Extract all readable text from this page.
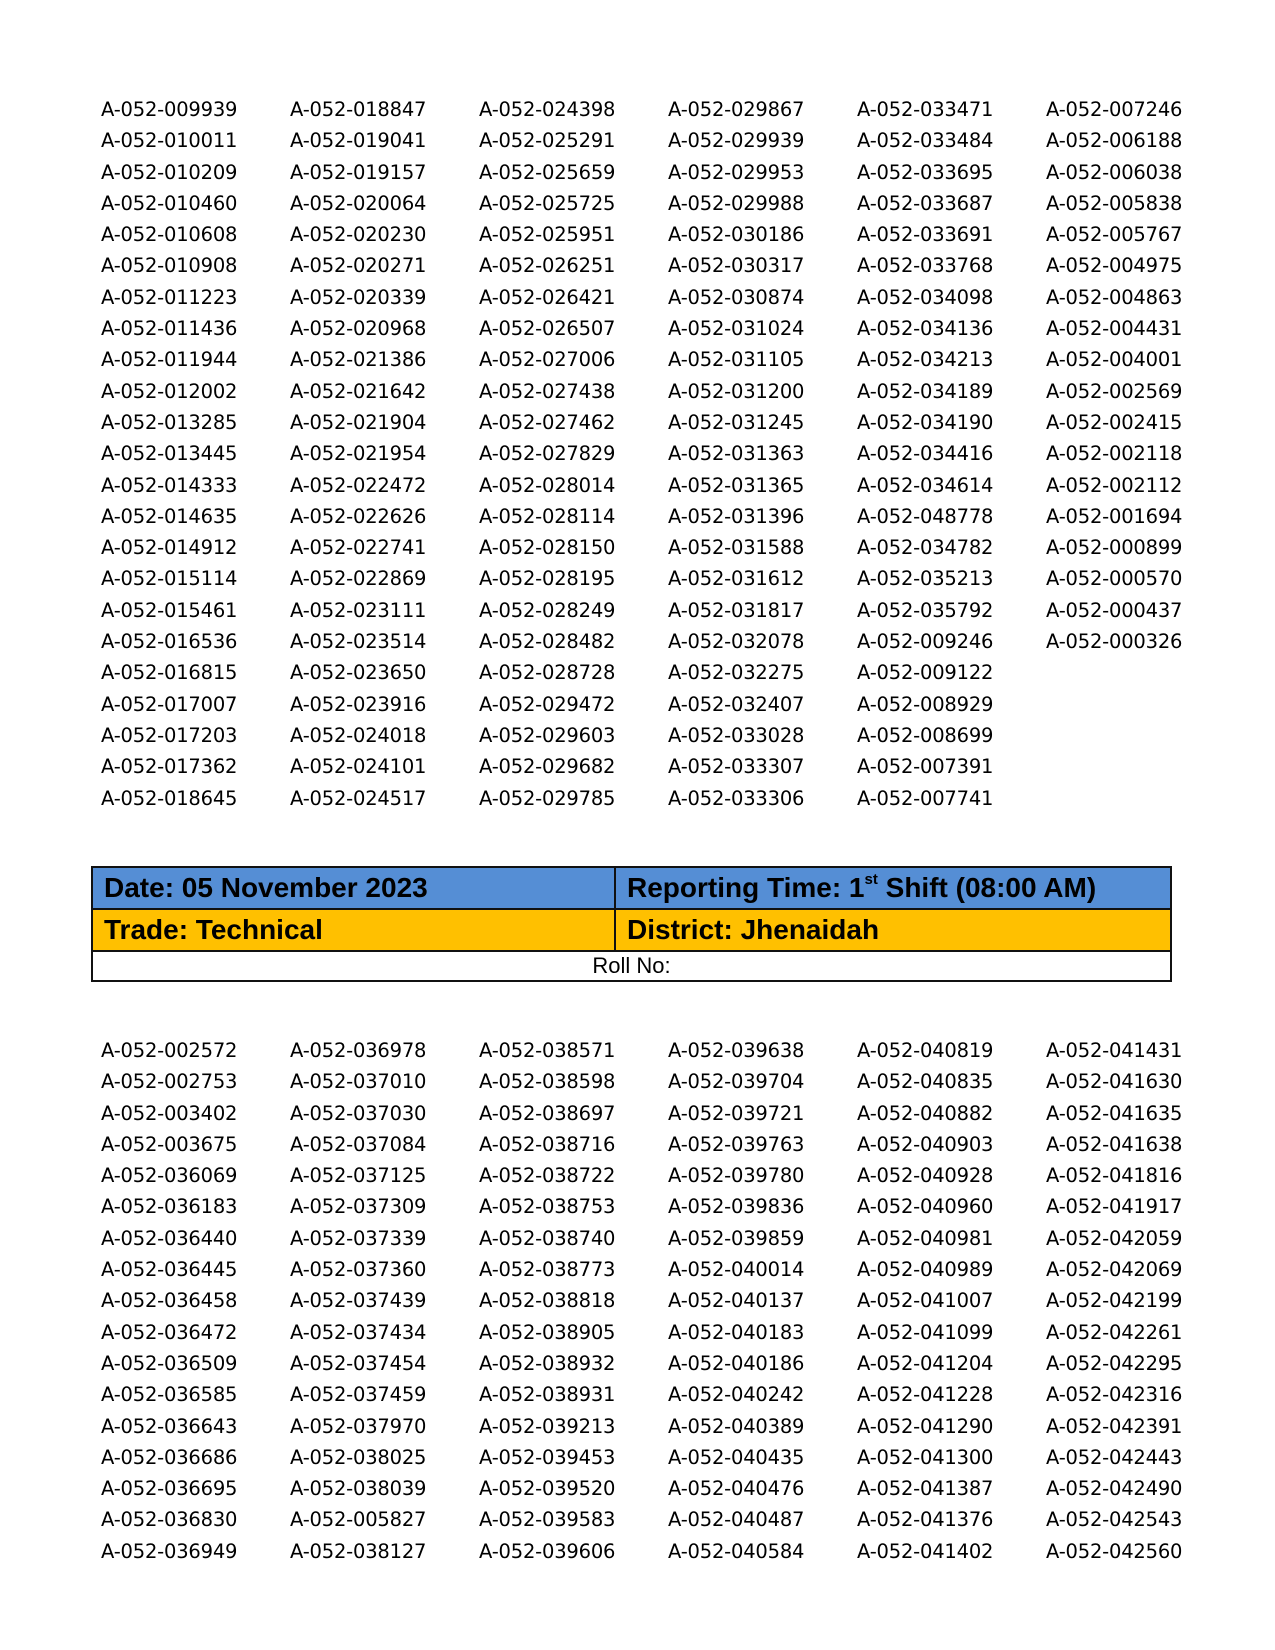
A-052-009939
A-052-010011
A-052-010209
A-052-010460
A-052-010608
A-052-010908
A-052-011223
A-052-011436
A-052-011944
A-052-012002
A-052-013285
A-052-013445
A-052-014333
A-052-014635
A-052-014912
A-052-015114
A-052-015461
A-052-016536
A-052-016815
A-052-017007
A-052-017203
A-052-017362
A-052-018645
A-052-018847
A-052-019041
A-052-019157
A-052-020064
A-052-020230
A-052-020271
A-052-020339
A-052-020968
A-052-021386
A-052-021642
A-052-021904
A-052-021954
A-052-022472
A-052-022626
A-052-022741
A-052-022869
A-052-023111
A-052-023514
A-052-023650
A-052-023916
A-052-024018
A-052-024101
A-052-024517
A-052-024398
A-052-025291
A-052-025659
A-052-025725
A-052-025951
A-052-026251
A-052-026421
A-052-026507
A-052-027006
A-052-027438
A-052-027462
A-052-027829
A-052-028014
A-052-028114
A-052-028150
A-052-028195
A-052-028249
A-052-028482
A-052-028728
A-052-029472
A-052-029603
A-052-029682
A-052-029785
A-052-029867
A-052-029939
A-052-029953
A-052-029988
A-052-030186
A-052-030317
A-052-030874
A-052-031024
A-052-031105
A-052-031200
A-052-031245
A-052-031363
A-052-031365
A-052-031396
A-052-031588
A-052-031612
A-052-031817
A-052-032078
A-052-032275
A-052-032407
A-052-033028
A-052-033307
A-052-033306
A-052-033471
A-052-033484
A-052-033695
A-052-033687
A-052-033691
A-052-033768
A-052-034098
A-052-034136
A-052-034213
A-052-034189
A-052-034190
A-052-034416
A-052-034614
A-052-048778
A-052-034782
A-052-035213
A-052-035792
A-052-009246
A-052-009122
A-052-008929
A-052-008699
A-052-007391
A-052-007741
A-052-007246
A-052-006188
A-052-006038
A-052-005838
A-052-005767
A-052-004975
A-052-004863
A-052-004431
A-052-004001
A-052-002569
A-052-002415
A-052-002118
A-052-002112
A-052-001694
A-052-000899
A-052-000570
A-052-000437
A-052-000326
Date: 05 November 2023	Reporting Time: 1st Shift (08:00 AM)
Trade: Technical	District: Jhenaidah
Roll No:
A-052-002572
A-052-002753
A-052-003402
A-052-003675
A-052-036069
A-052-036183
A-052-036440
A-052-036445
A-052-036458
A-052-036472
A-052-036509
A-052-036585
A-052-036643
A-052-036686
A-052-036695
A-052-036830
A-052-036949
A-052-036978
A-052-037010
A-052-037030
A-052-037084
A-052-037125
A-052-037309
A-052-037339
A-052-037360
A-052-037439
A-052-037434
A-052-037454
A-052-037459
A-052-037970
A-052-038025
A-052-038039
A-052-005827
A-052-038127
A-052-038571
A-052-038598
A-052-038697
A-052-038716
A-052-038722
A-052-038753
A-052-038740
A-052-038773
A-052-038818
A-052-038905
A-052-038932
A-052-038931
A-052-039213
A-052-039453
A-052-039520
A-052-039583
A-052-039606
A-052-039638
A-052-039704
A-052-039721
A-052-039763
A-052-039780
A-052-039836
A-052-039859
A-052-040014
A-052-040137
A-052-040183
A-052-040186
A-052-040242
A-052-040389
A-052-040435
A-052-040476
A-052-040487
A-052-040584
A-052-040819
A-052-040835
A-052-040882
A-052-040903
A-052-040928
A-052-040960
A-052-040981
A-052-040989
A-052-041007
A-052-041099
A-052-041204
A-052-041228
A-052-041290
A-052-041300
A-052-041387
A-052-041376
A-052-041402
A-052-041431
A-052-041630
A-052-041635
A-052-041638
A-052-041816
A-052-041917
A-052-042059
A-052-042069
A-052-042199
A-052-042261
A-052-042295
A-052-042316
A-052-042391
A-052-042443
A-052-042490
A-052-042543
A-052-042560
